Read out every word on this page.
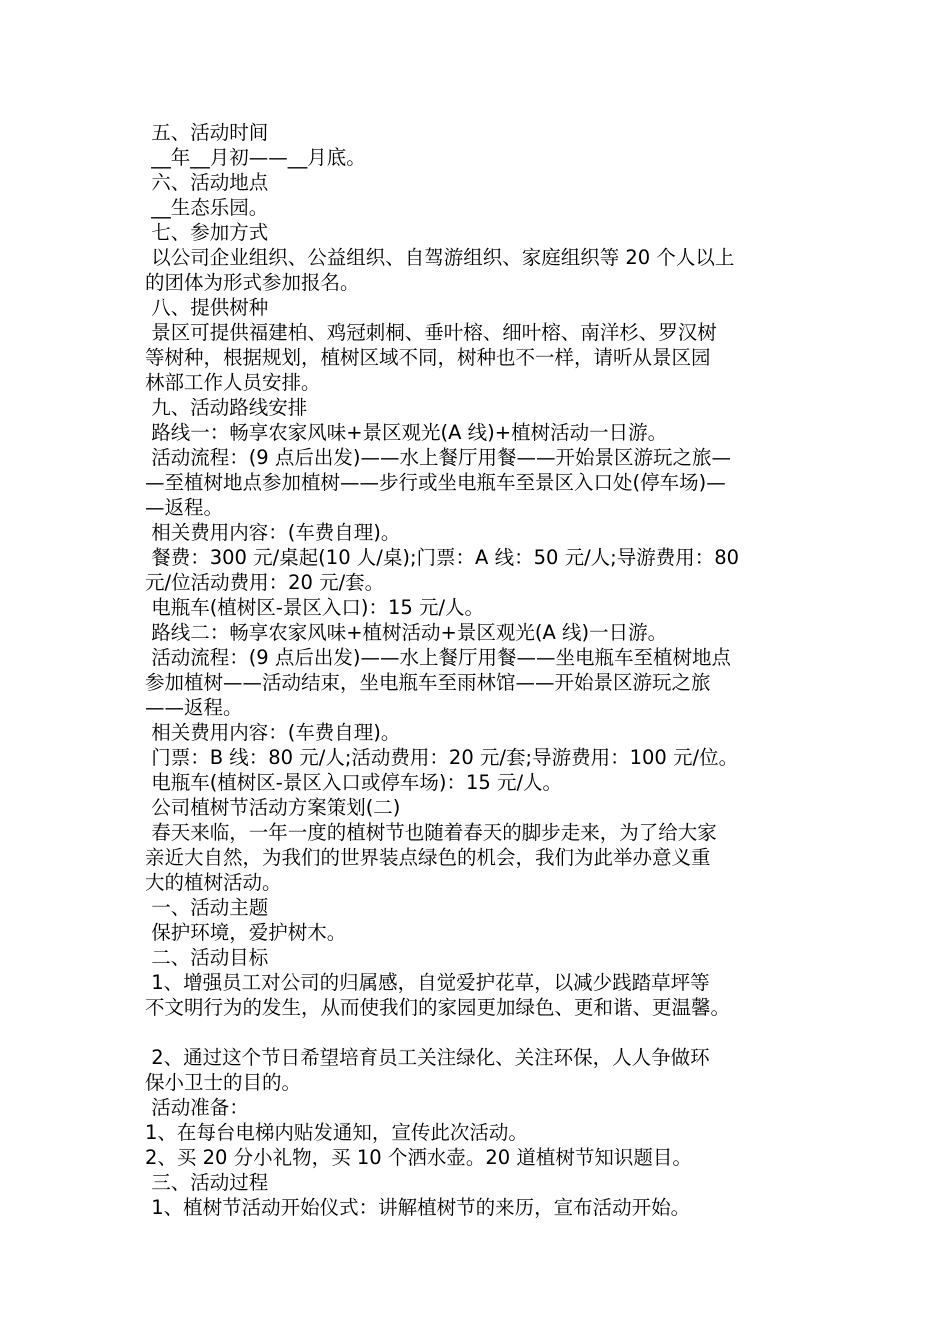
五、活动时间
__年__月初——__月底。
六、活动地点
__生态乐园。
七、参加方式
以公司企业组织、公益组织、自驾游组织、家庭组织等 20 个人以上
的团体为形式参加报名。
八、提供树种
景区可提供福建柏、鸡冠刺桐、垂叶榕、细叶榕、南洋杉、罗汉树
等树种，根据规划，植树区域不同，树种也不一样，请听从景区园
林部工作人员安排。
九、活动路线安排
路线一：畅享农家风味+景区观光(A 线)+植树活动一日游。
活动流程：(9 点后出发)——水上餐厅用餐——开始景区游玩之旅—
—至植树地点参加植树——步行或坐电瓶车至景区入口处(停车场)—
—返程。
相关费用内容：(车费自理)。
餐费：300 元/桌起(10 人/桌);门票：A 线：50 元/人;导游费用：80
元/位活动费用：20 元/套。
电瓶车(植树区-景区入口)：15 元/人。
路线二：畅享农家风味+植树活动+景区观光(A 线)一日游。
活动流程：(9 点后出发)——水上餐厅用餐——坐电瓶车至植树地点
参加植树——活动结束，坐电瓶车至雨林馆——开始景区游玩之旅
——返程。
相关费用内容：(车费自理)。
门票：B 线：80 元/人;活动费用：20 元/套;导游费用：100 元/位。
电瓶车(植树区-景区入口或停车场)：15 元/人。
公司植树节活动方案策划(二)
春天来临，一年一度的植树节也随着春天的脚步走来，为了给大家
亲近大自然，为我们的世界装点绿色的机会，我们为此举办意义重
大的植树活动。
一、活动主题
保护环境，爱护树木。
二、活动目标
1、增强员工对公司的归属感，自觉爱护花草，以减少践踏草坪等
不文明行为的发生，从而使我们的家园更加绿色、更和谐、更温馨。
2、通过这个节日希望培育员工关注绿化、关注环保，人人争做环
保小卫士的目的。
活动准备：
1、在每台电梯内贴发通知，宣传此次活动。
2、买 20 分小礼物，买 10 个洒水壶。20 道植树节知识题目。
三、活动过程
1、植树节活动开始仪式：讲解植树节的来历，宣布活动开始。
